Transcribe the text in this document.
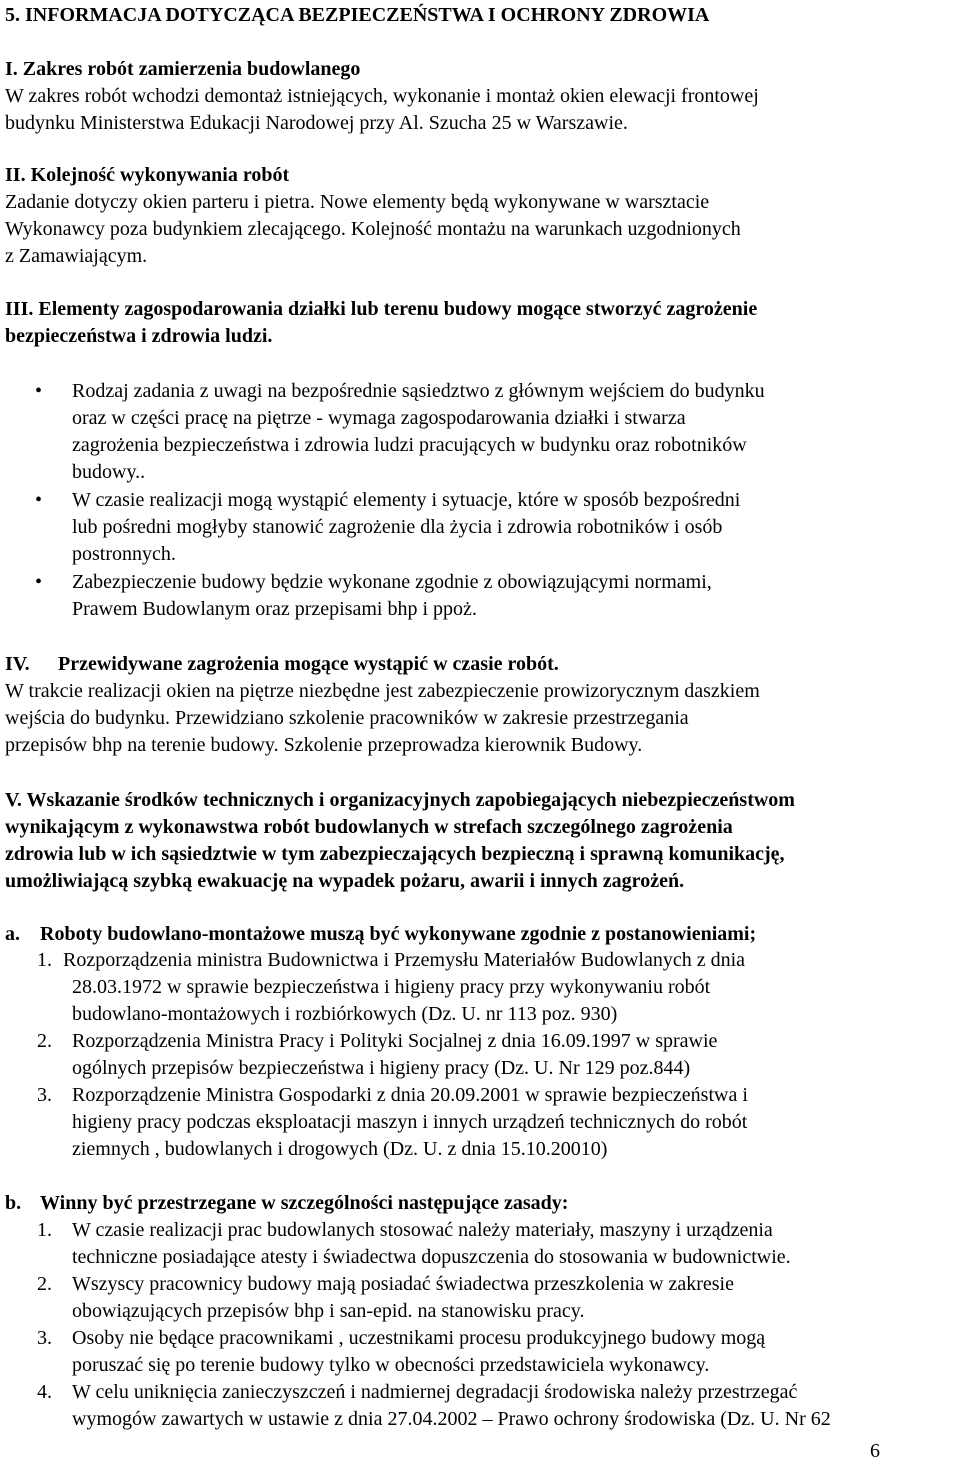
5. INFORMACJA DOTYCZĄCA BEZPIECZEŃSTWA I OCHRONY ZDROWIA
I. Zakres robót zamierzenia budowlanego
W zakres robót wchodzi demontaż istniejących, wykonanie i montaż okien elewacji frontowej
budynku Ministerstwa Edukacji Narodowej przy Al. Szucha 25 w Warszawie.
II. Kolejność wykonywania robót
Zadanie dotyczy okien parteru i pietra. Nowe elementy będą wykonywane w warsztacie
Wykonawcy poza budynkiem zlecającego. Kolejność montażu na warunkach uzgodnionych
z Zamawiającym.
III. Elementy zagospodarowania działki lub terenu budowy mogące stworzyć zagrożenie
bezpieczeństwa i zdrowia ludzi.
• Rodzaj zadania z uwagi na bezpośrednie sąsiedztwo z głównym wejściem do budynku
oraz w części pracę na piętrze - wymaga zagospodarowania działki i stwarza
zagrożenia bezpieczeństwa i zdrowia ludzi pracujących w budynku oraz robotników
budowy..
• W czasie realizacji mogą wystąpić elementy i sytuacje, które w sposób bezpośredni
lub pośredni mogłyby stanowić zagrożenie dla życia i zdrowia robotników i osób
postronnych.
• Zabezpieczenie budowy będzie wykonane zgodnie z obowiązującymi normami,
Prawem Budowlanym oraz przepisami bhp i ppoż.
IV. Przewidywane zagrożenia mogące wystąpić w czasie robót.
W trakcie realizacji okien na piętrze niezbędne jest zabezpieczenie prowizorycznym daszkiem
wejścia do budynku. Przewidziano szkolenie pracowników w zakresie przestrzegania
przepisów bhp na terenie budowy. Szkolenie przeprowadza kierownik Budowy.
V. Wskazanie środków technicznych i organizacyjnych zapobiegających niebezpieczeństwom
wynikającym z wykonawstwa robót budowlanych w strefach szczególnego zagrożenia
zdrowia lub w ich sąsiedztwie w tym zabezpieczających bezpieczną i sprawną komunikację,
umożliwiającą szybką ewakuację na wypadek pożaru, awarii i innych zagrożeń.
a. Roboty budowlano-montażowe muszą być wykonywane zgodnie z postanowieniami;
1. Rozporządzenia ministra Budownictwa i Przemysłu Materiałów Budowlanych z dnia
28.03.1972 w sprawie bezpieczeństwa i higieny pracy przy wykonywaniu robót
budowlano-montażowych i rozbiórkowych (Dz. U. nr 113 poz. 930)
2. Rozporządzenia Ministra Pracy i Polityki Socjalnej z dnia 16.09.1997 w sprawie
ogólnych przepisów bezpieczeństwa i higieny pracy (Dz. U. Nr 129 poz.844)
3. Rozporządzenie Ministra Gospodarki z dnia 20.09.2001 w sprawie bezpieczeństwa i
higieny pracy podczas eksploatacji maszyn i innych urządzeń technicznych do robót
ziemnych , budowlanych i drogowych (Dz. U. z dnia 15.10.20010)
b. Winny być przestrzegane w szczególności następujące zasady:
1. W czasie realizacji prac budowlanych stosować należy materiały, maszyny i urządzenia
techniczne posiadające atesty i świadectwa dopuszczenia do stosowania w budownictwie.
2. Wszyscy pracownicy budowy mają posiadać świadectwa przeszkolenia w zakresie
obowiązujących przepisów bhp i san-epid. na stanowisku pracy.
3. Osoby nie będące pracownikami , uczestnikami procesu produkcyjnego budowy mogą
poruszać się po terenie budowy tylko w obecności przedstawiciela wykonawcy.
4. W celu uniknięcia zanieczyszczeń i nadmiernej degradacji środowiska należy przestrzegać
wymogów zawartych w ustawie z dnia 27.04.2002 – Prawo ochrony środowiska (Dz. U. Nr 62
6
